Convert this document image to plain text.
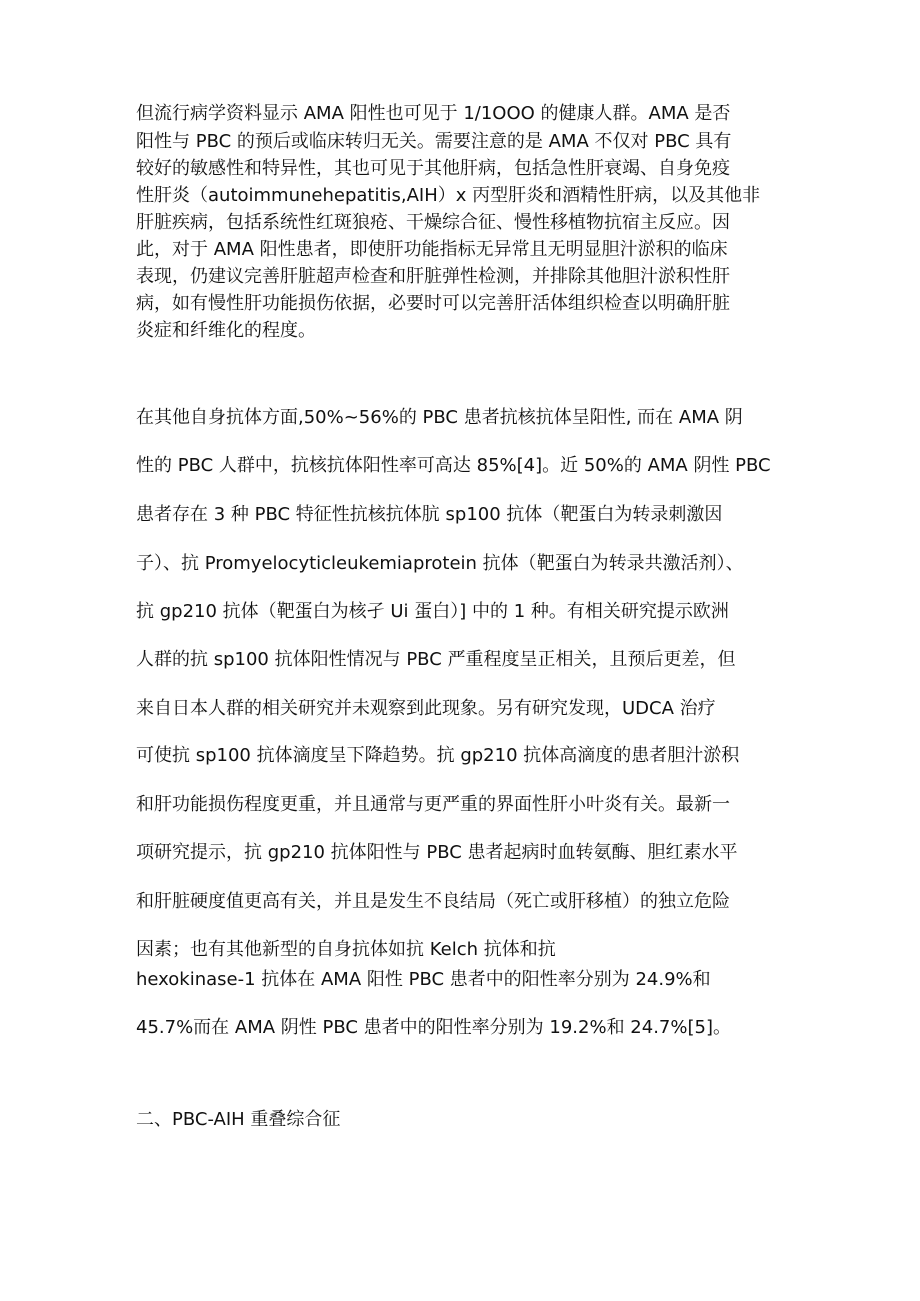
但流行病学资料显示 AMA 阳性也可见于 1/1OOO 的健康人群。AMA 是否
阳性与 PBC 的预后或临床转归无关。需要注意的是 AMA 不仅对 PBC 具有
较好的敏感性和特异性，其也可见于其他肝病，包括急性肝衰竭、自身免疫
性肝炎（autoimmunehepatitis,AIH）x 丙型肝炎和酒精性肝病，以及其他非
肝脏疾病，包括系统性红斑狼疮、干燥综合征、慢性移植物抗宿主反应。因
此，对于 AMA 阳性患者，即使肝功能指标无异常且无明显胆汁淤积的临床
表现，仍建议完善肝脏超声检查和肝脏弹性检测，并排除其他胆汁淤积性肝
病，如有慢性肝功能损伤依据，必要时可以完善肝活体组织检查以明确肝脏
炎症和纤维化的程度。
在其他自身抗体方面,50%~56%的 PBC 患者抗核抗体呈阳性, 而在 AMA 阴
性的 PBC 人群中，抗核抗体阳性率可高达 85%[4]。近 50%的 AMA 阴性 PBC
患者存在 3 种 PBC 特征性抗核抗体肮 sp100 抗体（靶蛋白为转录刺激因
子）、抗 Promyelocyticleukemiaprotein 抗体（靶蛋白为转录共激活剂）、
抗 gp210 抗体（靶蛋白为核孑 Ui 蛋白）] 中的 1 种。有相关研究提示欧洲
人群的抗 sp100 抗体阳性情况与 PBC 严重程度呈正相关，且预后更差，但
来自日本人群的相关研究并未观察到此现象。另有研究发现，UDCA 治疗
可使抗 sp100 抗体滴度呈下降趋势。抗 gp210 抗体高滴度的患者胆汁淤积
和肝功能损伤程度更重，并且通常与更严重的界面性肝小叶炎有关。最新一
项研究提示，抗 gp210 抗体阳性与 PBC 患者起病时血转氨酶、胆红素水平
和肝脏硬度值更高有关，并且是发生不良结局（死亡或肝移植）的独立危险
因素；也有其他新型的自身抗体如抗 Kelch 抗体和抗
hexokinase-1 抗体在 AMA 阳性 PBC 患者中的阳性率分别为 24.9%和
45.7%而在 AMA 阴性 PBC 患者中的阳性率分别为 19.2%和 24.7%[5]。
二、PBC-AIH 重叠综合征
